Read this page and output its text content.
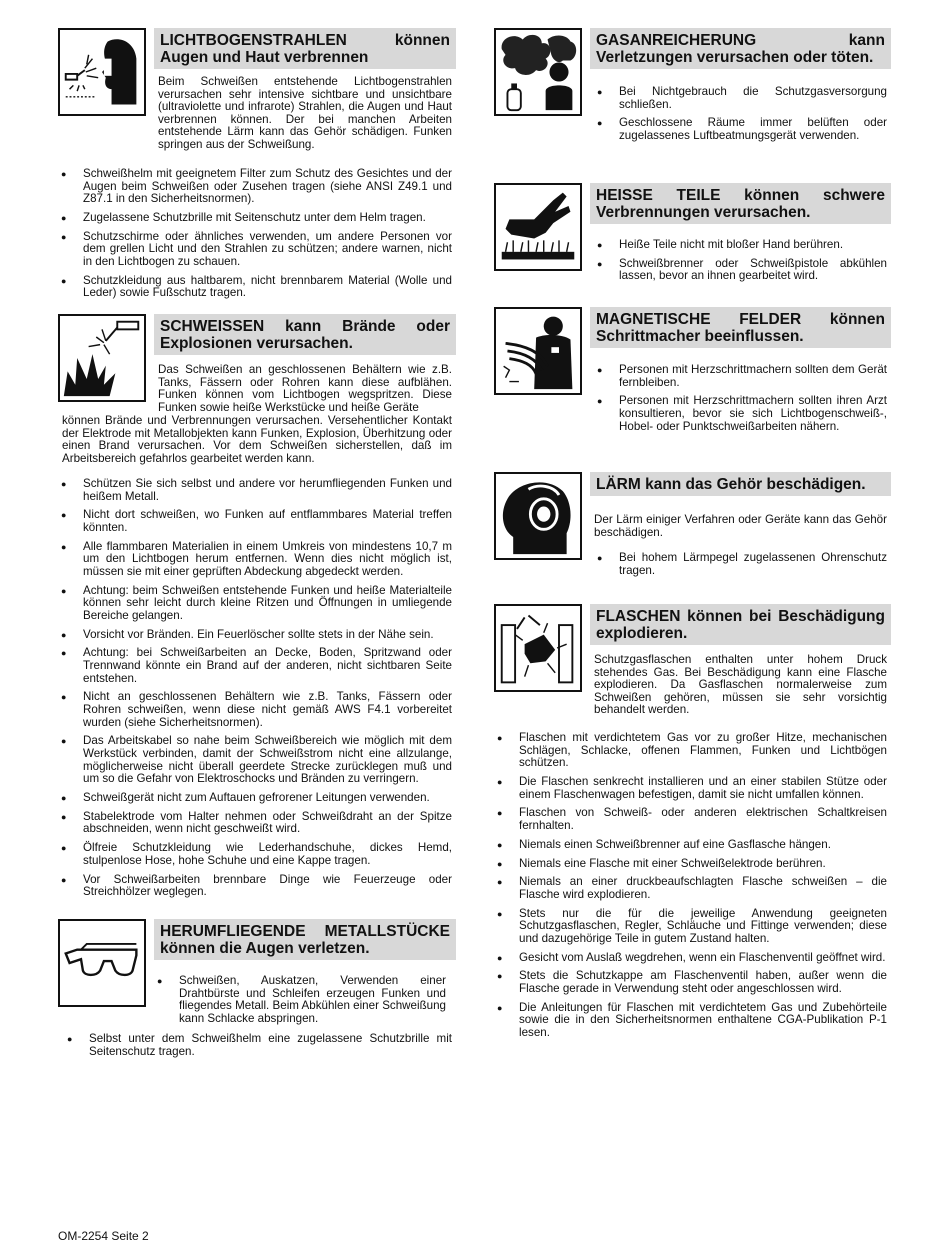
LICHTBOGENSTRAHLEN können Augen und Haut verbrennen
Beim Schweißen entstehende Lichtbogenstrahlen verursachen sehr intensive sichtbare und unsichtbare (ultraviolette und infrarote) Strahlen, die Augen und Haut verbrennen können. Der bei manchen Arbeiten entstehende Lärm kann das Gehör schädigen. Funken springen aus der Schweißung.
● Schweißhelm mit geeignetem Filter zum Schutz des Gesichtes und der Augen beim Schweißen oder Zusehen tragen (siehe ANSI Z49.1 und Z87.1 in den Sicherheitsnormen).
● Zugelassene Schutzbrille mit Seitenschutz unter dem Helm tragen.
● Schutzschirme oder ähnliches verwenden, um andere Personen vor dem grellen Licht und den Strahlen zu schützen; andere warnen, nicht in den Lichtbogen zu schauen.
● Schutzkleidung aus haltbarem, nicht brennbarem Material (Wolle und Leder) sowie Fußschutz tragen.
SCHWEISSEN kann Brände oder Explosionen verursachen.
Das Schweißen an geschlossenen Behältern wie z.B. Tanks, Fässern oder Rohren kann diese aufblähen. Funken können vom Lichtbogen wegspritzen. Diese Funken sowie heiße Werkstücke und heiße Geräte
können Brände und Verbrennungen verursachen. Versehentlicher Kontakt der Elektrode mit Metallobjekten kann Funken, Explosion, Überhitzung oder einen Brand verursachen. Vor dem Schweißen sicherstellen, daß im Arbeitsbereich gefahrlos gearbeitet werden kann.
● Schützen Sie sich selbst und andere vor herumfliegenden Funken und heißem Metall.
● Nicht dort schweißen, wo Funken auf entflammbares Material treffen könnten.
● Alle flammbaren Materialien in einem Umkreis von mindestens 10,7 m um den Lichtbogen herum entfernen. Wenn dies nicht möglich ist, müssen sie mit einer geprüften Abdeckung abgedeckt werden.
● Achtung: beim Schweißen entstehende Funken und heiße Materialteile können sehr leicht durch kleine Ritzen und Öffnungen in umliegende Bereiche gelangen.
● Vorsicht vor Bränden. Ein Feuerlöscher sollte stets in der Nähe sein.
● Achtung: bei Schweißarbeiten an Decke, Boden, Spritzwand oder Trennwand könnte ein Brand auf der anderen, nicht sichtbaren Seite entstehen.
● Nicht an geschlossenen Behältern wie z.B. Tanks, Fässern oder Rohren schweißen, wenn diese nicht gemäß AWS F4.1 vorbereitet wurden (siehe Sicherheitsnormen).
● Das Arbeitskabel so nahe beim Schweißbereich wie möglich mit dem Werkstück verbinden, damit der Schweißstrom nicht eine allzulange, möglicherweise nicht überall geerdete Strecke zurücklegen muß und um so die Gefahr von Elektroschocks und Bränden zu verringern.
● Schweißgerät nicht zum Auftauen gefrorener Leitungen verwenden.
● Stabelektrode vom Halter nehmen oder Schweißdraht an der Spitze abschneiden, wenn nicht geschweißt wird.
● Ölfreie Schutzkleidung wie Lederhandschuhe, dickes Hemd, stulpenlose Hose, hohe Schuhe und eine Kappe tragen.
● Vor Schweißarbeiten brennbare Dinge wie Feuerzeuge oder Streichhölzer weglegen.
HERUMFLIEGENDE METALLSTÜCKE können die Augen verletzen.
● Schweißen, Auskatzen, Verwenden einer Drahtbürste und Schleifen erzeugen Funken und fliegendes Metall. Beim Abkühlen einer Schweißung kann Schlacke abspringen.
● Selbst unter dem Schweißhelm eine zugelassene Schutzbrille mit Seitenschutz tragen.
GASANREICHERUNG kann Verletzungen verursachen oder töten.
● Bei Nichtgebrauch die Schutzgasversorgung schließen.
● Geschlossene Räume immer belüften oder zugelassenes Luftbeatmungsgerät verwenden.
HEISSE TEILE können schwere Verbrennungen verursachen.
● Heiße Teile nicht mit bloßer Hand berühren.
● Schweißbrenner oder Schweißpistole abkühlen lassen, bevor an ihnen gearbeitet wird.
MAGNETISCHE FELDER können Schrittmacher beeinflussen.
● Personen mit Herzschrittmachern sollten dem Gerät fernbleiben.
● Personen mit Herzschrittmachern sollten ihren Arzt konsultieren, bevor sie sich Lichtbogenschweiß-, Hobel- oder Punktschweißarbeiten nähern.
LÄRM kann das Gehör beschädigen.
Der Lärm einiger Verfahren oder Geräte kann das Gehör beschädigen.
● Bei hohem Lärmpegel zugelassenen Ohrenschutz tragen.
FLASCHEN können bei Beschädigung explodieren.
Schutzgasflaschen enthalten unter hohem Druck stehendes Gas. Bei Beschädigung kann eine Flasche explodieren. Da Gasflaschen normalerweise zum Schweißen gehören, müssen sie sehr vorsichtig behandelt werden.
● Flaschen mit verdichtetem Gas vor zu großer Hitze, mechanischen Schlägen, Schlacke, offenen Flammen, Funken und Lichtbögen schützen.
● Die Flaschen senkrecht installieren und an einer stabilen Stütze oder einem Flaschenwagen befestigen, damit sie nicht umfallen können.
● Flaschen von Schweiß- oder anderen elektrischen Schaltkreisen fernhalten.
● Niemals einen Schweißbrenner auf eine Gasflasche hängen.
● Niemals eine Flasche mit einer Schweißelektrode berühren.
● Niemals an einer druckbeaufschlagten Flasche schweißen – die Flasche wird explodieren.
● Stets nur die für die jeweilige Anwendung geeigneten Schutzgasflaschen, Regler, Schläuche und Fittinge verwenden; diese und dazugehörige Teile in gutem Zustand halten.
● Gesicht vom Auslaß wegdrehen, wenn ein Flaschenventil geöffnet wird.
● Stets die Schutzkappe am Flaschenventil haben, außer wenn die Flasche gerade in Verwendung steht oder angeschlossen wird.
● Die Anleitungen für Flaschen mit verdichtetem Gas und Zubehörteile sowie die in den Sicherheitsnormen enthaltene CGA-Publikation P-1 lesen.
OM-2254 Seite 2
